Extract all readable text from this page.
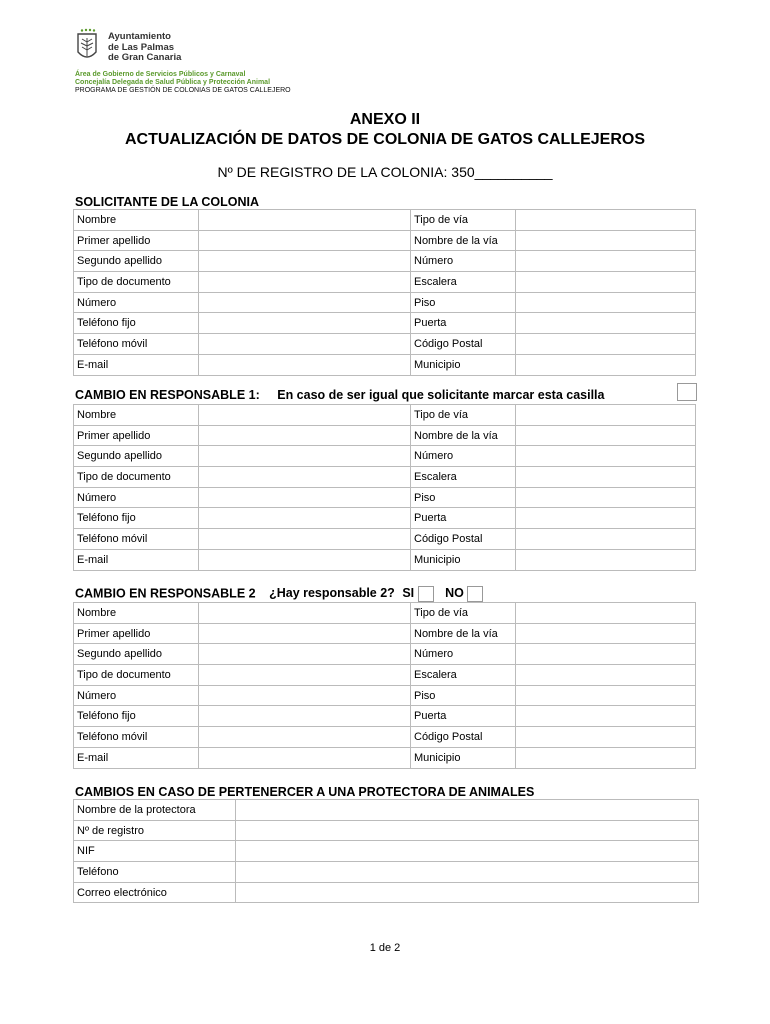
Ayuntamiento
de Las Palmas
de Gran Canaria
Área de Gobierno de Servicios Públicos y Carnaval
Concejalía Delegada de Salud Pública y Protección Animal
PROGRAMA DE GESTIÓN DE COLONIAS DE GATOS CALLEJERO
ANEXO II
ACTUALIZACIÓN DE DATOS DE COLONIA DE GATOS CALLEJEROS
Nº DE REGISTRO DE LA COLONIA: 350__________
SOLICITANTE DE LA COLONIA
Nombre		Tipo de vía	
Primer apellido		Nombre de la vía	
Segundo apellido		Número	
Tipo de documento		Escalera	
Número		Piso	
Teléfono fijo		Puerta	
Teléfono móvil		Código Postal	
E-mail		Municipio	
CAMBIO EN RESPONSABLE 1: En caso de ser igual que solicitante marcar esta casilla
Nombre		Tipo de vía	
Primer apellido		Nombre de la vía	
Segundo apellido		Número	
Tipo de documento		Escalera	
Número		Piso	
Teléfono fijo		Puerta	
Teléfono móvil		Código Postal	
E-mail		Municipio	
CAMBIO EN RESPONSABLE 2 ¿Hay responsable 2? SI NO
Nombre		Tipo de vía	
Primer apellido		Nombre de la vía	
Segundo apellido		Número	
Tipo de documento		Escalera	
Número		Piso	
Teléfono fijo		Puerta	
Teléfono móvil		Código Postal	
E-mail		Municipio	
CAMBIOS EN CASO DE PERTENERCER A UNA PROTECTORA DE ANIMALES
Nombre de la protectora	
Nº de registro	
NIF	
Teléfono	
Correo electrónico	
1 de 2
